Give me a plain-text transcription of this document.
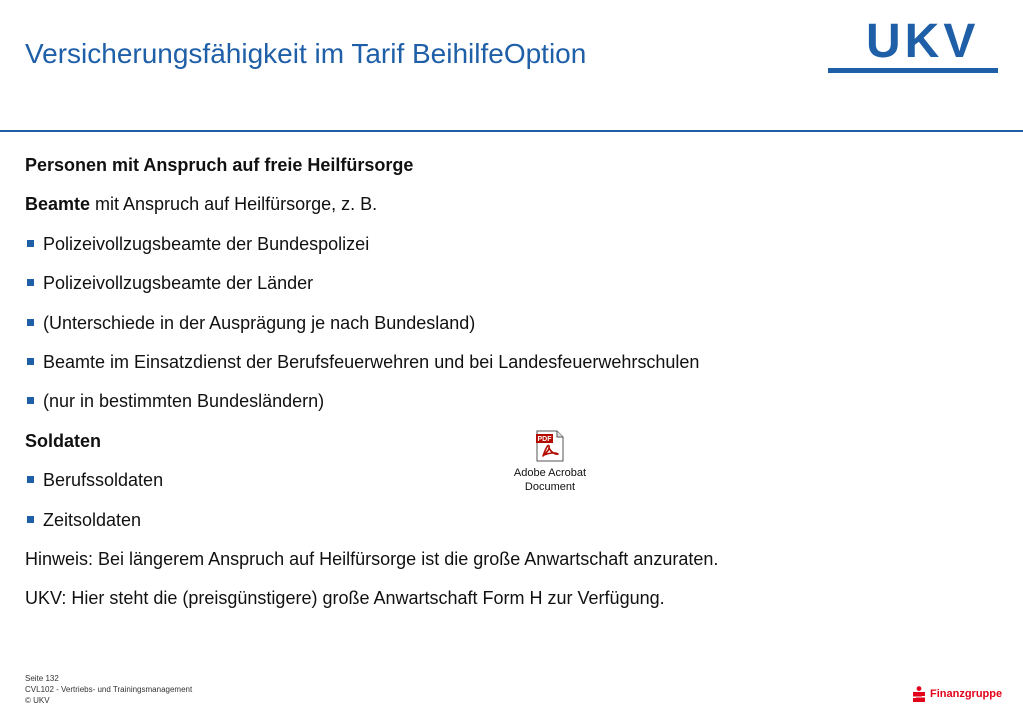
Versicherungsfähigkeit im Tarif BeihilfeOption	UKV
Personen mit Anspruch auf freie Heilfürsorge
Beamte mit Anspruch auf Heilfürsorge, z. B.
Polizeivollzugsbeamte der Bundespolizei
Polizeivollzugsbeamte der Länder
(Unterschiede in der Ausprägung je nach Bundesland)
Beamte im Einsatzdienst der Berufsfeuerwehren und bei Landesfeuerwehrschulen
(nur in bestimmten Bundesländern)
Soldaten
Berufssoldaten
Zeitsoldaten
Hinweis: Bei längerem Anspruch auf Heilfürsorge ist die große Anwartschaft anzuraten.
UKV: Hier steht die (preisgünstigere) große Anwartschaft Form H zur Verfügung.
PDF
Adobe Acrobat
Document
Seite 132
CVL102 - Vertriebs- und Trainingsmanagement
© UKV
Finanzgruppe
